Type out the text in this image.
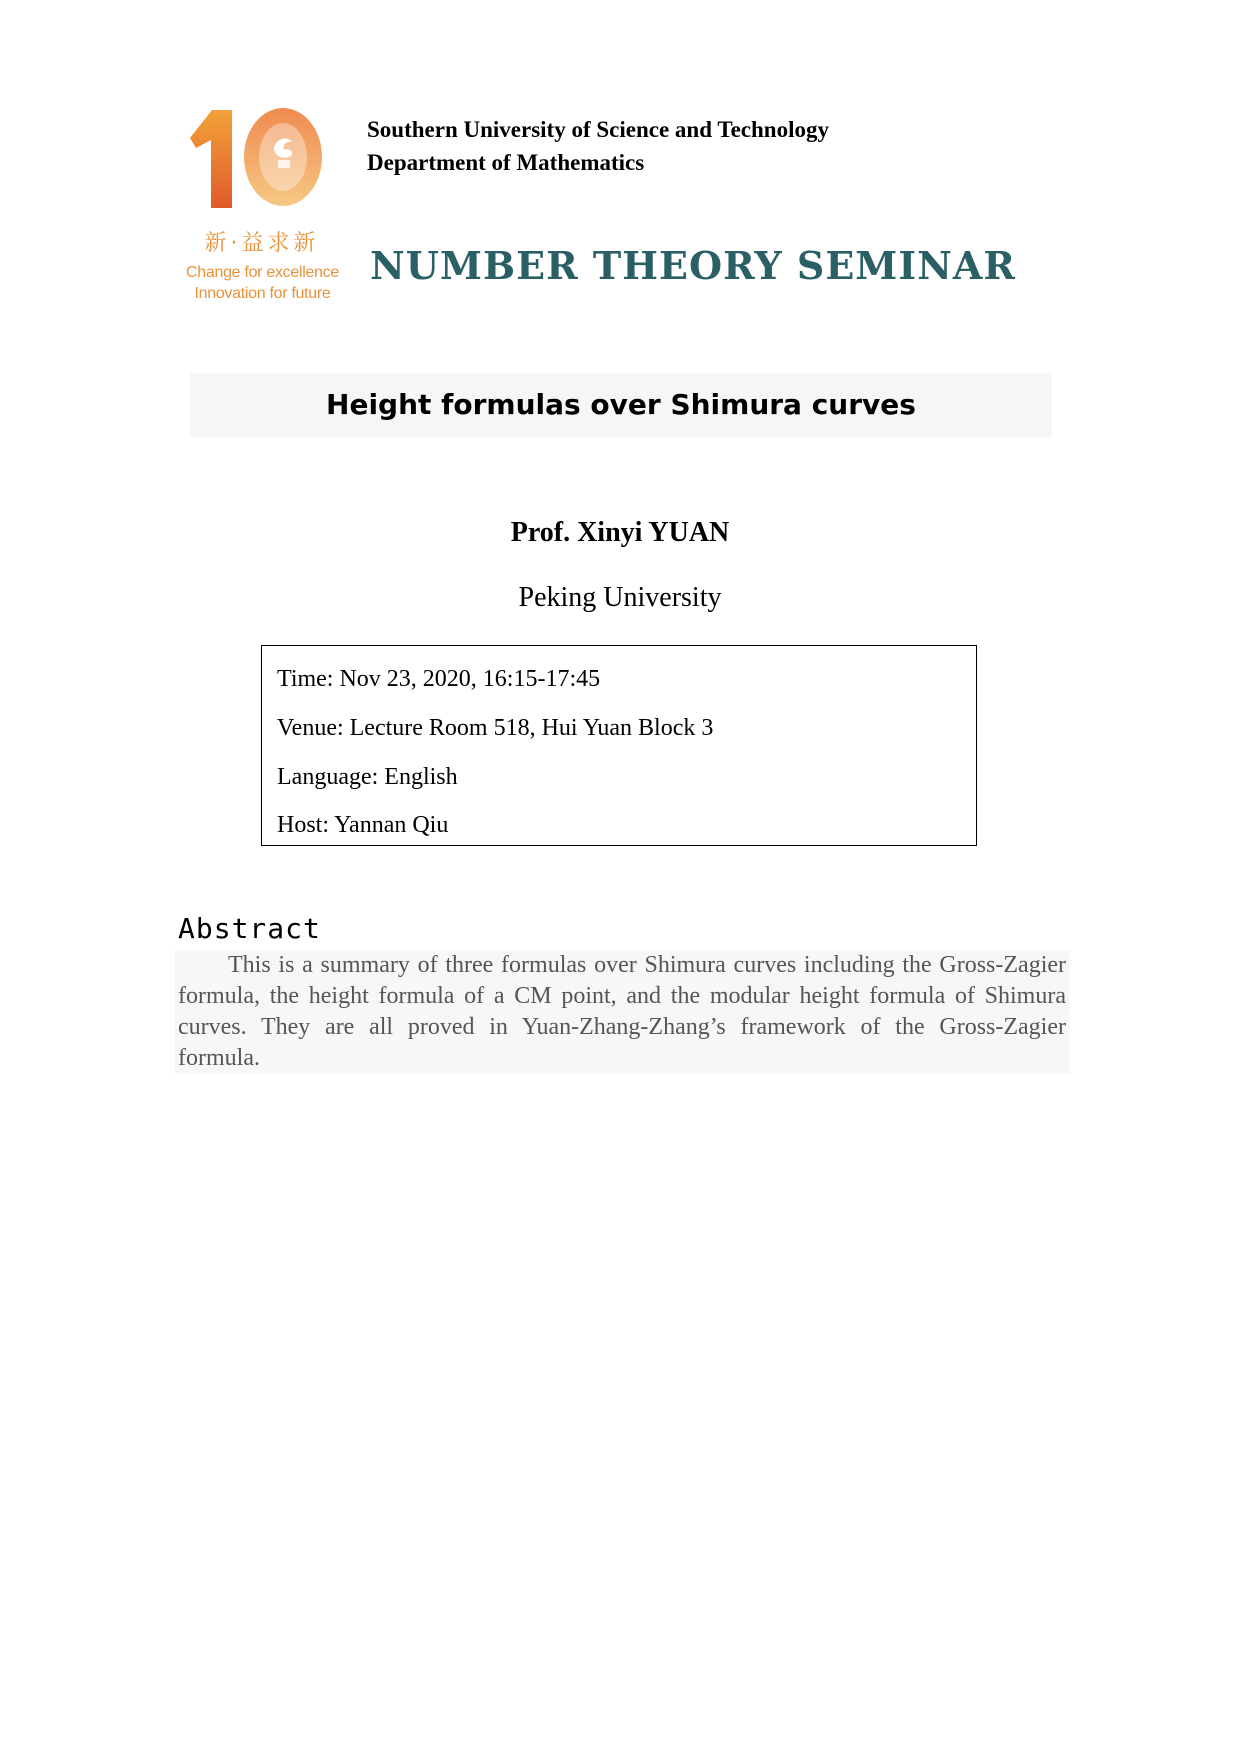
新·益求新
Change for excellence
Innovation for future
Southern University of Science and Technology
Department of Mathematics
NUMBER THEORY SEMINAR
Height formulas over Shimura curves
Prof. Xinyi YUAN
Peking University
Time: Nov 23, 2020, 16:15-17:45
Venue: Lecture Room 518, Hui Yuan Block 3
Language: English
Host: Yannan Qiu
Abstract

This is a summary of three formulas over Shimura curves including the Gross-Zagier formula, the height formula of a CM point, and the modular height formula of Shimura curves. They are all proved in Yuan-Zhang-Zhang’s framework of the Gross-Zagier formula.
